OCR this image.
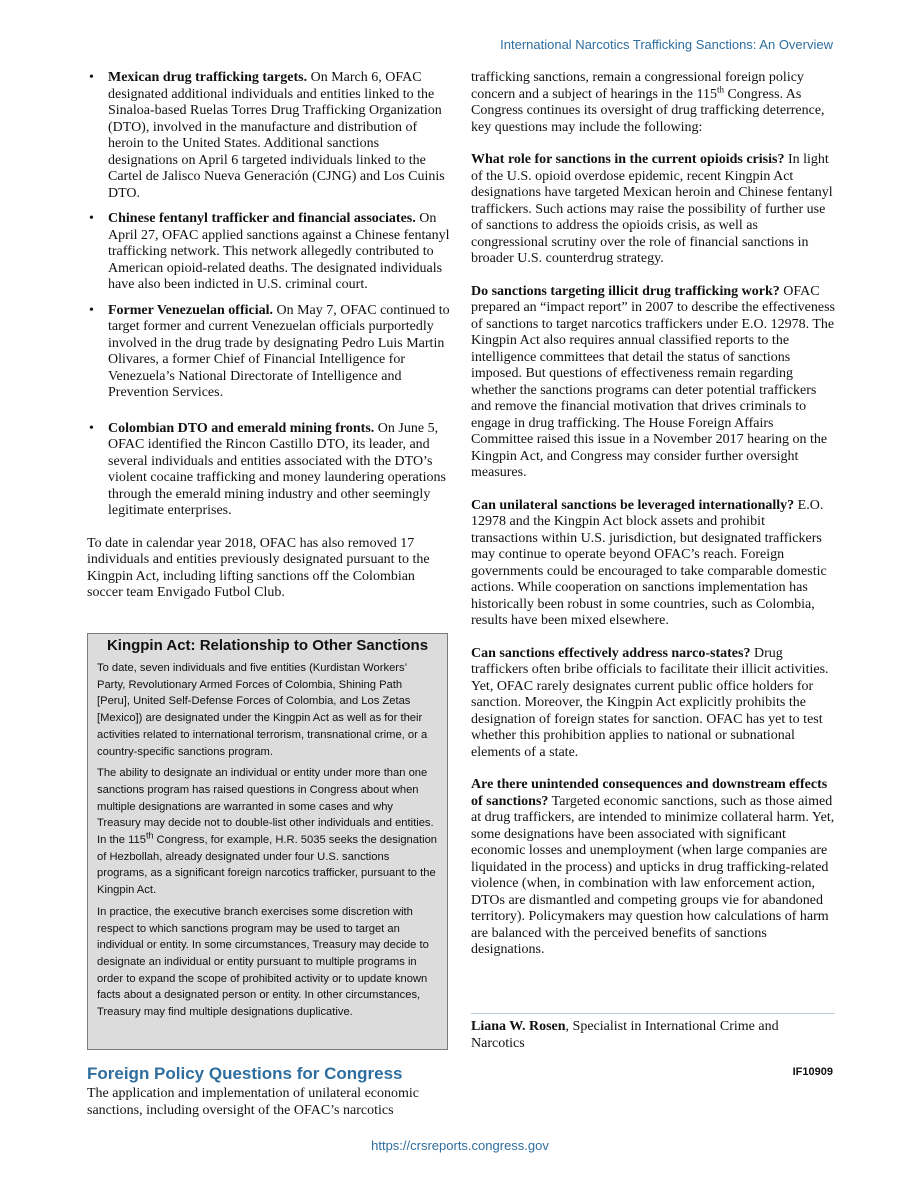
International Narcotics Trafficking Sanctions: An Overview
• Mexican drug trafficking targets. On March 6, OFAC designated additional individuals and entities linked to the Sinaloa-based Ruelas Torres Drug Trafficking Organization (DTO), involved in the manufacture and distribution of heroin to the United States. Additional sanctions designations on April 6 targeted individuals linked to the Cartel de Jalisco Nueva Generación (CJNG) and Los Cuinis DTO.
• Chinese fentanyl trafficker and financial associates. On April 27, OFAC applied sanctions against a Chinese fentanyl trafficking network. This network allegedly contributed to American opioid-related deaths. The designated individuals have also been indicted in U.S. criminal court.
• Former Venezuelan official. On May 7, OFAC continued to target former and current Venezuelan officials purportedly involved in the drug trade by designating Pedro Luis Martin Olivares, a former Chief of Financial Intelligence for Venezuela’s National Directorate of Intelligence and Prevention Services.
• Colombian DTO and emerald mining fronts. On June 5, OFAC identified the Rincon Castillo DTO, its leader, and several individuals and entities associated with the DTO’s violent cocaine trafficking and money laundering operations through the emerald mining industry and other seemingly legitimate enterprises.

To date in calendar year 2018, OFAC has also removed 17 individuals and entities previously designated pursuant to the Kingpin Act, including lifting sanctions off the Colombian soccer team Envigado Futbol Club.

Kingpin Act: Relationship to Other Sanctions

To date, seven individuals and five entities (Kurdistan Workers’ Party, Revolutionary Armed Forces of Colombia, Shining Path [Peru], United Self-Defense Forces of Colombia, and Los Zetas [Mexico]) are designated under the Kingpin Act as well as for their activities related to international terrorism, transnational crime, or a country-specific sanctions program.

The ability to designate an individual or entity under more than one sanctions program has raised questions in Congress about when multiple designations are warranted in some cases and why Treasury may decide not to double-list other individuals and entities. In the 115th Congress, for example, H.R. 5035 seeks the designation of Hezbollah, already designated under four U.S. sanctions programs, as a significant foreign narcotics trafficker, pursuant to the Kingpin Act.

In practice, the executive branch exercises some discretion with respect to which sanctions program may be used to target an individual or entity. In some circumstances, Treasury may decide to designate an individual or entity pursuant to multiple programs in order to expand the scope of prohibited activity or to update known facts about a designated person or entity. In other circumstances, Treasury may find multiple designations duplicative.

Foreign Policy Questions for Congress
The application and implementation of unilateral economic sanctions, including oversight of the OFAC’s narcotics

trafficking sanctions, remain a congressional foreign policy concern and a subject of hearings in the 115th Congress. As Congress continues its oversight of drug trafficking deterrence, key questions may include the following:

What role for sanctions in the current opioids crisis? In light of the U.S. opioid overdose epidemic, recent Kingpin Act designations have targeted Mexican heroin and Chinese fentanyl traffickers. Such actions may raise the possibility of further use of sanctions to address the opioids crisis, as well as congressional scrutiny over the role of financial sanctions in broader U.S. counterdrug strategy.

Do sanctions targeting illicit drug trafficking work? OFAC prepared an “impact report” in 2007 to describe the effectiveness of sanctions to target narcotics traffickers under E.O. 12978. The Kingpin Act also requires annual classified reports to the intelligence committees that detail the status of sanctions imposed. But questions of effectiveness remain regarding whether the sanctions programs can deter potential traffickers and remove the financial motivation that drives criminals to engage in drug trafficking. The House Foreign Affairs Committee raised this issue in a November 2017 hearing on the Kingpin Act, and Congress may consider further oversight measures.

Can unilateral sanctions be leveraged internationally? E.O. 12978 and the Kingpin Act block assets and prohibit transactions within U.S. jurisdiction, but designated traffickers may continue to operate beyond OFAC’s reach. Foreign governments could be encouraged to take comparable domestic actions. While cooperation on sanctions implementation has historically been robust in some countries, such as Colombia, results have been mixed elsewhere.

Can sanctions effectively address narco-states? Drug traffickers often bribe officials to facilitate their illicit activities. Yet, OFAC rarely designates current public office holders for sanction. Moreover, the Kingpin Act explicitly prohibits the designation of foreign states for sanction. OFAC has yet to test whether this prohibition applies to national or subnational elements of a state.

Are there unintended consequences and downstream effects of sanctions? Targeted economic sanctions, such as those aimed at drug traffickers, are intended to minimize collateral harm. Yet, some designations have been associated with significant economic losses and unemployment (when large companies are liquidated in the process) and upticks in drug trafficking-related violence (when, in combination with law enforcement action, DTOs are dismantled and competing groups vie for abandoned territory). Policymakers may question how calculations of harm are balanced with the perceived benefits of sanctions designations.

Liana W. Rosen, Specialist in International Crime and Narcotics
IF10909
https://crsreports.congress.gov
